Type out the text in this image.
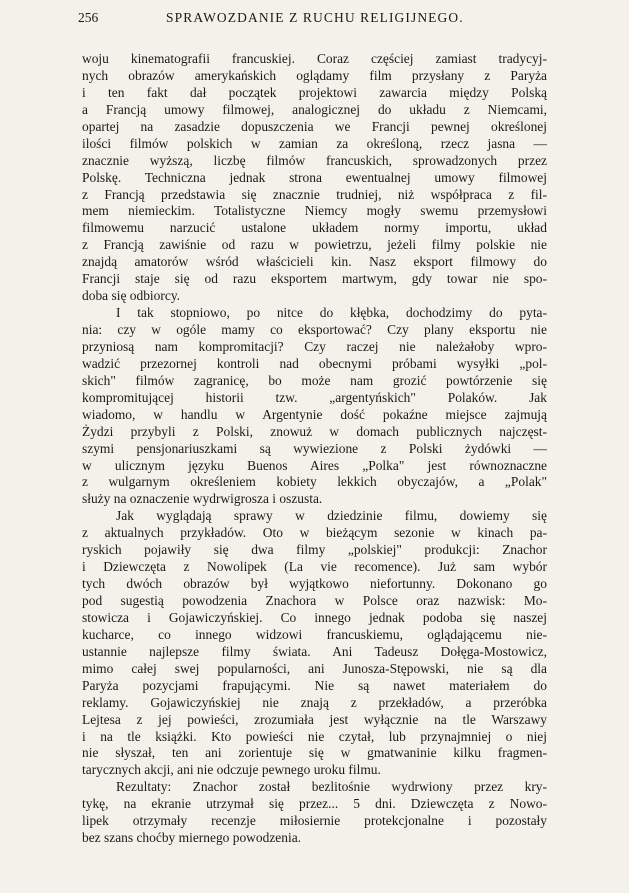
256	SPRAWOZDANIE Z RUCHU RELIGIJNEGO.
woju kinematografii francuskiej. Coraz częściej zamiast tradycyj-
nych obrazów amerykańskich oglądamy film przysłany z Paryża
i ten fakt dał początek projektowi zawarcia między Polską
a Francją umowy filmowej, analogicznej do układu z Niemcami,
opartej na zasadzie dopuszczenia we Francji pewnej określonej
ilości filmów polskich w zamian za określoną, rzecz jasna —
znacznie wyższą, liczbę filmów francuskich, sprowadzonych przez
Polskę. Techniczna jednak strona ewentualnej umowy filmowej
z Francją przedstawia się znacznie trudniej, niż współpraca z fil-
mem niemieckim. Totalistyczne Niemcy mogły swemu przemysłowi
filmowemu narzucić ustalone układem normy importu, układ
z Francją zawiśnie od razu w powietrzu, jeżeli filmy polskie nie
znajdą amatorów wśród właścicieli kin. Nasz eksport filmowy do
Francji staje się od razu eksportem martwym, gdy towar nie spo-
doba się odbiorcy.
I tak stopniowo, po nitce do kłębka, dochodzimy do pyta-
nia: czy w ogóle mamy co eksportować? Czy plany eksportu nie
przyniosą nam kompromitacji? Czy raczej nie należałoby wpro-
wadzić przezornej kontroli nad obecnymi próbami wysyłki „pol-
skich" filmów zagranicę, bo może nam grozić powtórzenie się
kompromitującej historii tzw. „argentyńskich" Polaków. Jak
wiadomo, w handlu w Argentynie dość pokaźne miejsce zajmują
Żydzi przybyli z Polski, znowuż w domach publicznych najczęst-
szymi pensjonariuszkami są wywiezione z Polski żydówki —
w ulicznym języku Buenos Aires „Polka" jest równoznaczne
z wulgarnym określeniem kobiety lekkich obyczajów, a „Polak"
służy na oznaczenie wydrwigrosza i oszusta.
Jak wyglądają sprawy w dziedzinie filmu, dowiemy się
z aktualnych przykładów. Oto w bieżącym sezonie w kinach pa-
ryskich pojawiły się dwa filmy „polskiej" produkcji: Znachor
i Dziewczęta z Nowolipek (La vie recomence). Już sam wybór
tych dwóch obrazów był wyjątkowo niefortunny. Dokonano go
pod sugestią powodzenia Znachora w Polsce oraz nazwisk: Mo-
stowicza i Gojawiczyńskiej. Co innego jednak podoba się naszej
kucharce, co innego widzowi francuskiemu, oglądającemu nie-
ustannie najlepsze filmy świata. Ani Tadeusz Dołęga-Mostowicz,
mimo całej swej popularności, ani Junosza-Stępowski, nie są dla
Paryża pozycjami frapującymi. Nie są nawet materiałem do
reklamy. Gojawiczyńskiej nie znają z przekładów, a przeróbka
Lejtesa z jej powieści, zrozumiała jest wyłącznie na tle Warszawy
i na tle książki. Kto powieści nie czytał, lub przynajmniej o niej
nie słyszał, ten ani zorientuje się w gmatwaninie kilku fragmen-
tarycznych akcji, ani nie odczuje pewnego uroku filmu.
Rezultaty: Znachor został bezlitośnie wydrwiony przez kry-
tykę, na ekranie utrzymał się przez... 5 dni. Dziewczęta z Nowo-
lipek otrzymały recenzje miłosiernie protekcjonalne i pozostały
bez szans choćby miernego powodzenia.
